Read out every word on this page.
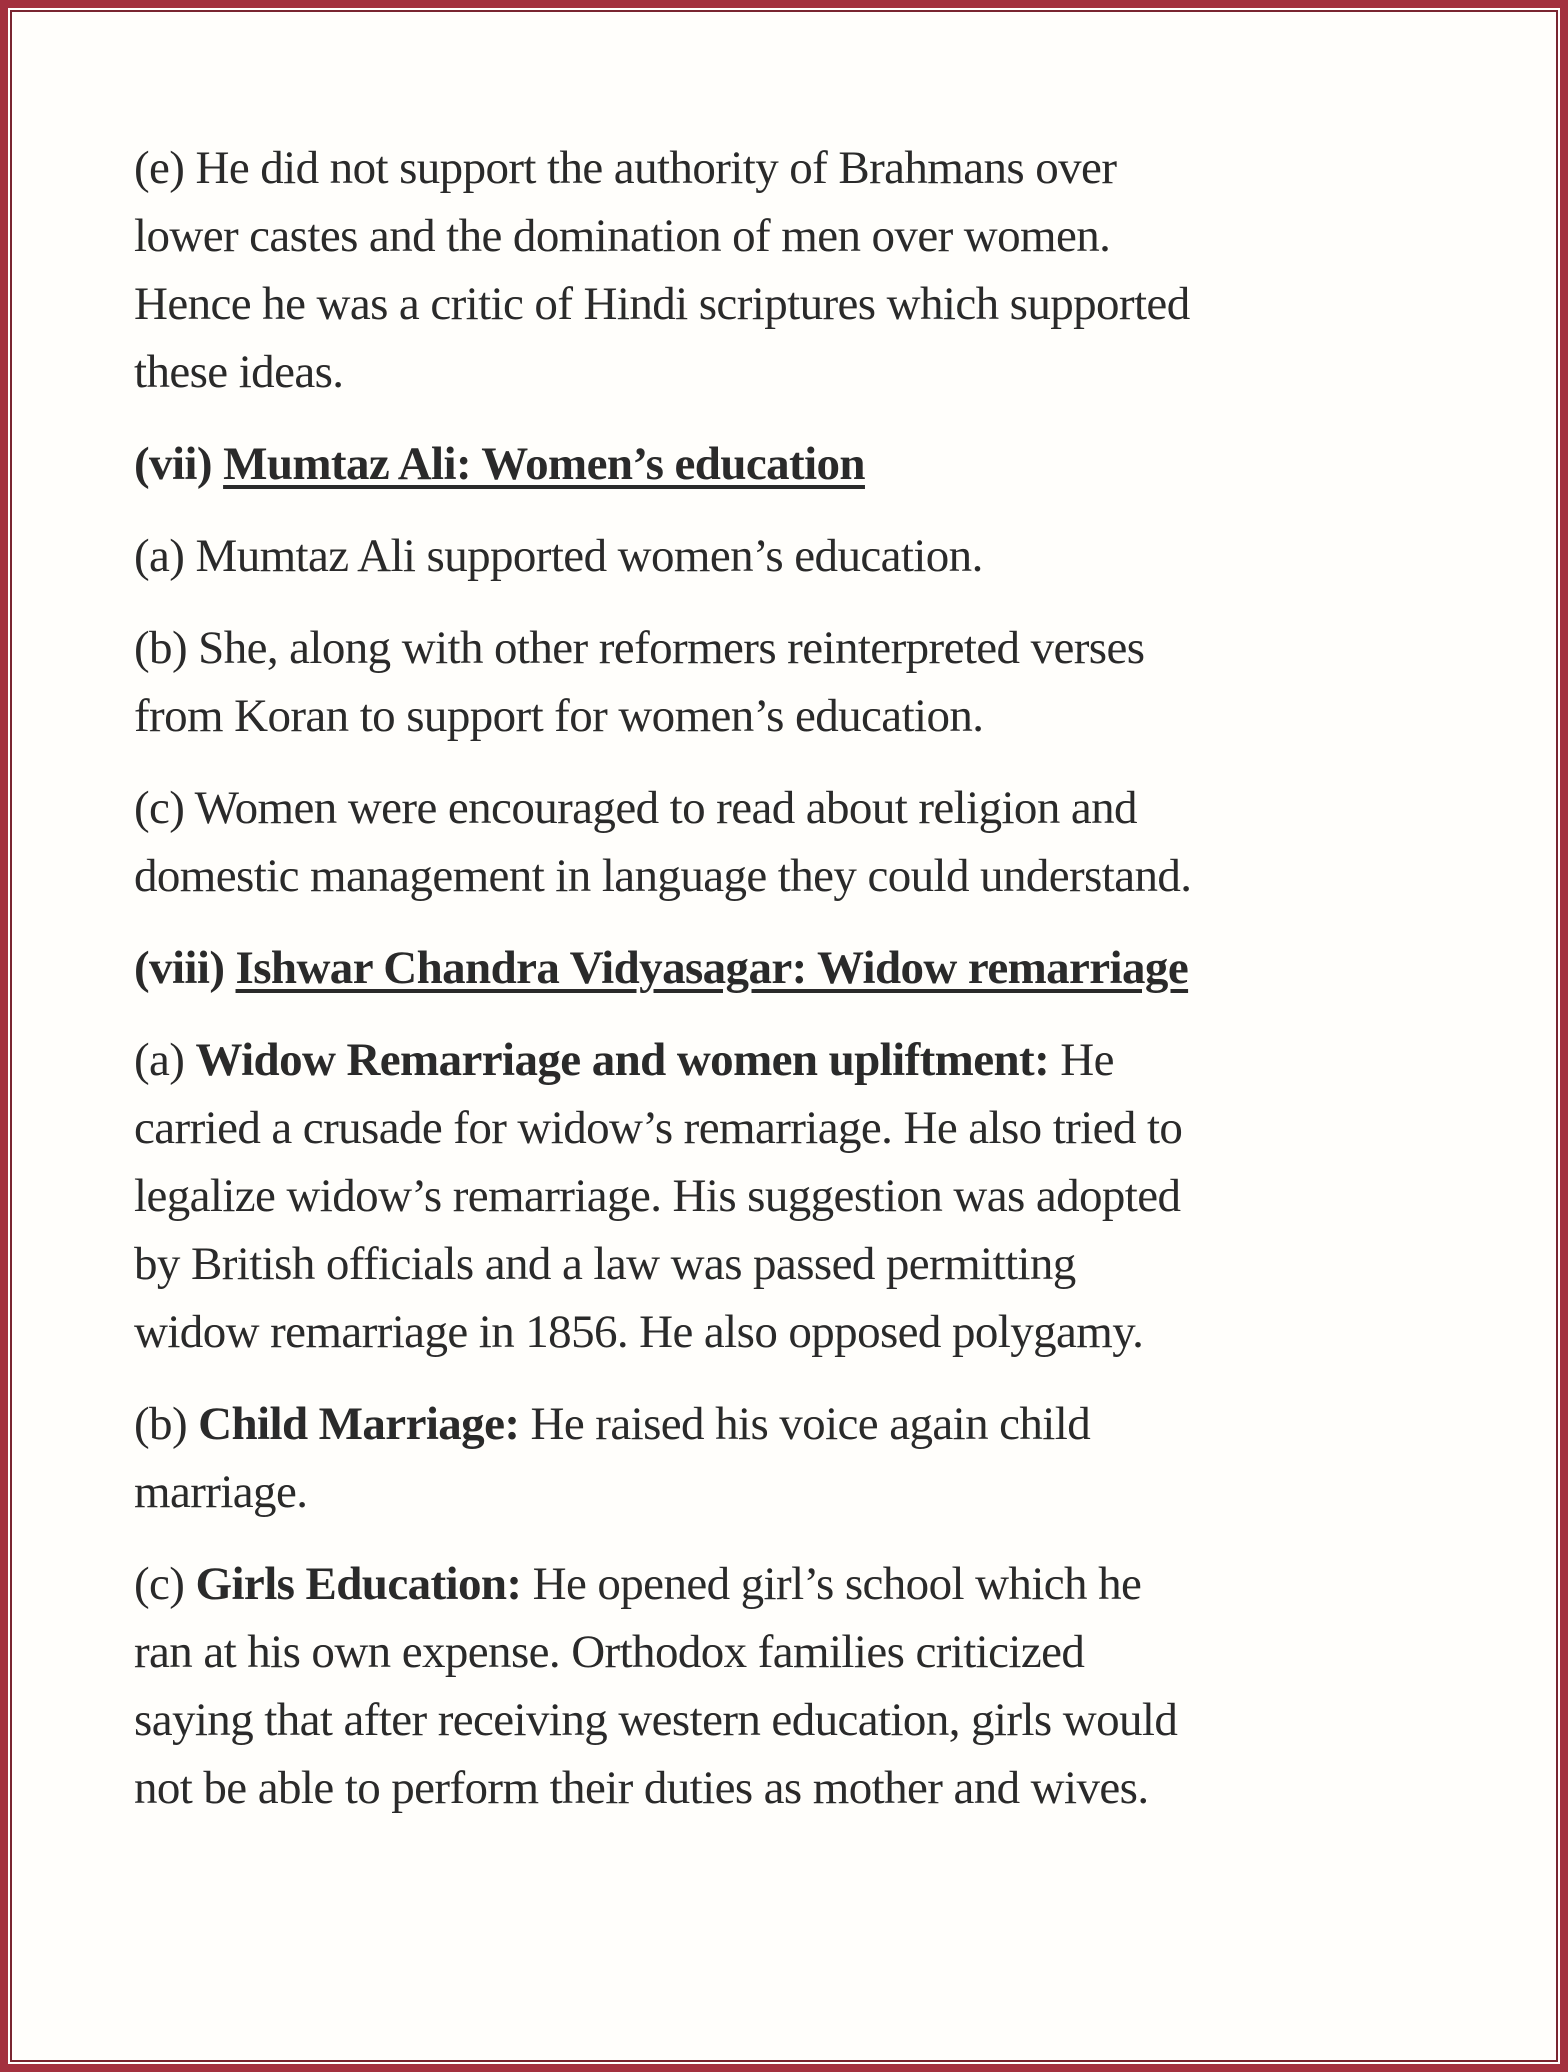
(e) He did not support the authority of Brahmans over
lower castes and the domination of men over women.
Hence he was a critic of Hindi scriptures which supported
these ideas.

(vii) Mumtaz Ali: Women’s education

(a) Mumtaz Ali supported women’s education.

(b) She, along with other reformers reinterpreted verses
from Koran to support for women’s education.

(c) Women were encouraged to read about religion and
domestic management in language they could understand.

(viii) Ishwar Chandra Vidyasagar: Widow remarriage

(a) Widow Remarriage and women upliftment: He
carried a crusade for widow’s remarriage. He also tried to
legalize widow’s remarriage. His suggestion was adopted
by British officials and a law was passed permitting
widow remarriage in 1856. He also opposed polygamy.

(b) Child Marriage: He raised his voice again child
marriage.

(c) Girls Education: He opened girl’s school which he
ran at his own expense. Orthodox families criticized
saying that after receiving western education, girls would
not be able to perform their duties as mother and wives.
